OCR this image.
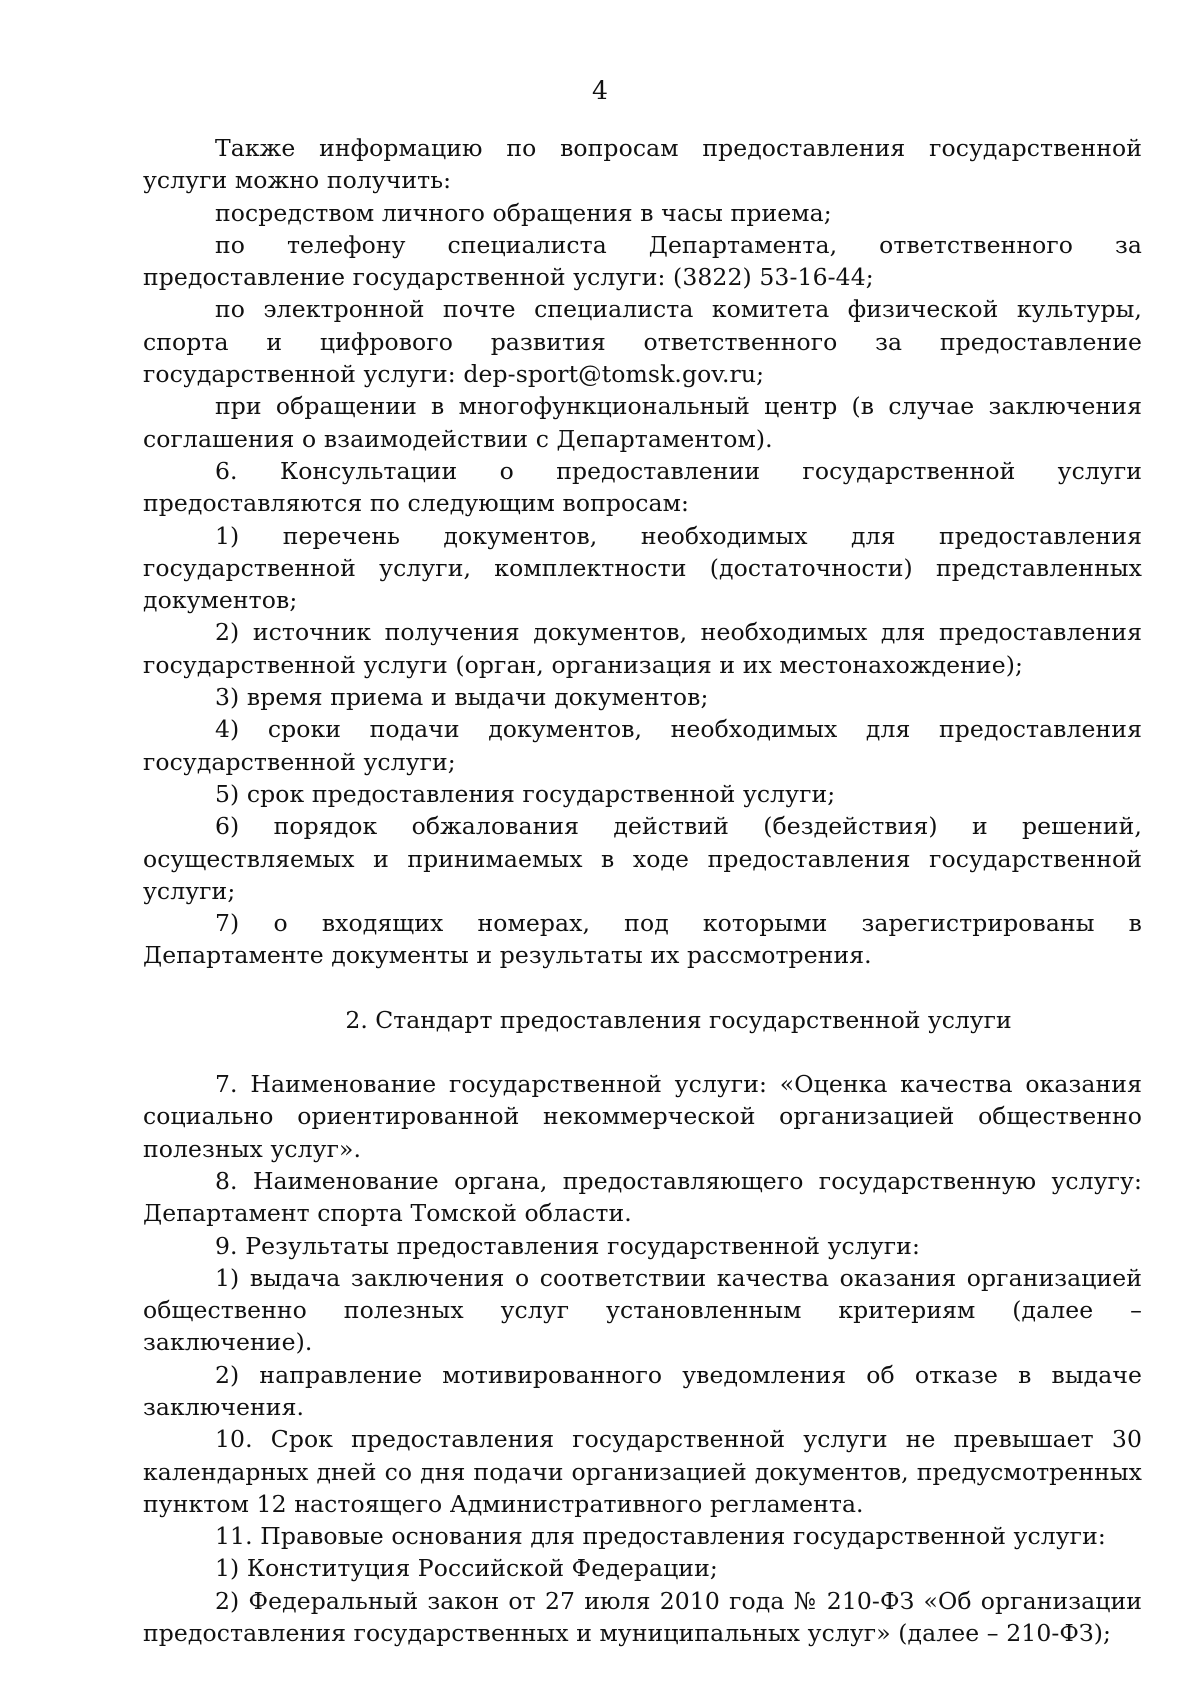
4

Также информацию по вопросам предоставления государственной услуги можно получить:

посредством личного обращения в часы приема;

по телефону специалиста Департамента, ответственного за предоставление государственной услуги: (3822) 53-16-44;

по электронной почте специалиста комитета физической культуры, спорта и цифрового развития ответственного за предоставление государственной услуги: dep-sport@tomsk.gov.ru;

при обращении в многофункциональный центр (в случае заключения соглашения о взаимодействии с Департаментом).

6. Консультации о предоставлении государственной услуги предоставляются по следующим вопросам:

1) перечень документов, необходимых для предоставления государственной услуги, комплектности (достаточности) представленных документов;

2) источник получения документов, необходимых для предоставления государственной услуги (орган, организация и их местонахождение);

3) время приема и выдачи документов;

4) сроки подачи документов, необходимых для предоставления государственной услуги;

5) срок предоставления государственной услуги;

6) порядок обжалования действий (бездействия) и решений, осуществляемых и принимаемых в ходе предоставления государственной услуги;

7) о входящих номерах, под которыми зарегистрированы в Департаменте документы и результаты их рассмотрения.

2. Стандарт предоставления государственной услуги

7. Наименование государственной услуги: «Оценка качества оказания социально ориентированной некоммерческой организацией общественно полезных услуг».

8. Наименование органа, предоставляющего государственную услугу: Департамент спорта Томской области.

9. Результаты предоставления государственной услуги:

1) выдача заключения о соответствии качества оказания организацией общественно полезных услуг установленным критериям (далее – заключение).

2) направление мотивированного уведомления об отказе в выдаче заключения.

10. Срок предоставления государственной услуги не превышает 30 календарных дней со дня подачи организацией документов, предусмотренных пунктом 12 настоящего Административного регламента.

11. Правовые основания для предоставления государственной услуги:

1) Конституция Российской Федерации;

2) Федеральный закон от 27 июля 2010 года № 210-ФЗ «Об организации предоставления государственных и муниципальных услуг» (далее – 210-ФЗ);
